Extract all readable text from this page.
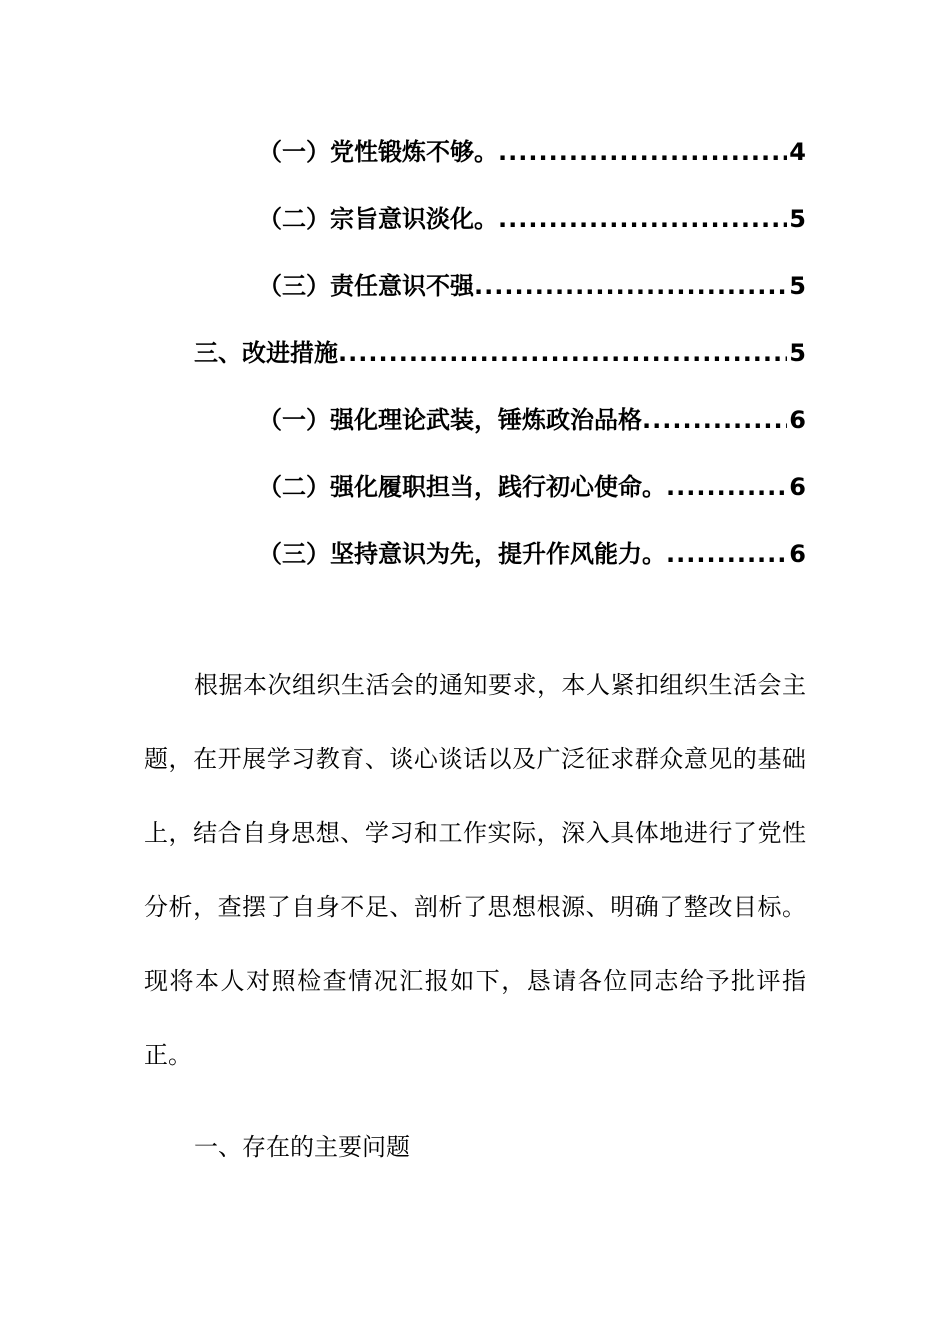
（一）党性锻炼不够。 .....	4
（二）宗旨意识淡化。 .....	5
（三）责任意识不强 .....	5
三、改进措施 .....	5
（一）强化理论武装，锤炼政治品格 .....	6
（二）强化履职担当，践行初心使命。 .....	6
（三）坚持意识为先，提升作风能力。 .....	6

根据本次组织生活会的通知要求，本人紧扣组织生活会主题，在开展学习教育、谈心谈话以及广泛征求群众意见的基础上，结合自身思想、学习和工作实际，深入具体地进行了党性分析，查摆了自身不足、剖析了思想根源、明确了整改目标。现将本人对照检查情况汇报如下，恳请各位同志给予批评指正。

一、存在的主要问题
